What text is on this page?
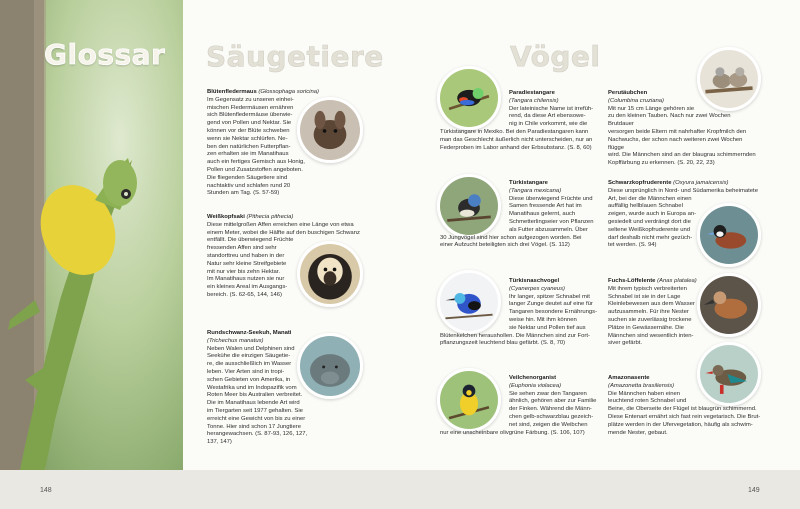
Glossar Säugetiere	Vögel

Blütenfledermaus (Glossophaga soricina)

Im Gegensatz zu unseren einhei-

mischen Fledermäusen ernähren

sich Blütenfledermäuse überwie-

gend von Pollen und Nektar. Sie

können vor der Blüte schweben

wenn sie Nektar schlürfen. Ne-

ben den natürlichen Futterpflan-

zen erhalten sie im Manatihaus

auch ein fertiges Gemisch aus Honig,

Pollen und Zusatzstoffen angeboten.

Die fliegenden Säugetiere sind

nachtaktiv und schlafen rund 20

Stunden am Tag. (S. 57-59)

Weißkopfsaki (Pithecia pithecia)

Diese mittelgroßen Affen erreichen eine Länge von etwa

einem Meter, wobei die Hälfte auf den buschigen Schwanz

entfällt. Die überwiegend Früchte

fressenden Affen sind sehr

standorttreu und haben in der

Natur sehr kleine Streifgebiete

mit nur vier bis zehn Hektar.

Im Manatihaus nutzen sie nur

ein kleines Areal im Ausgangs-

bereich. (S. 62-65, 144, 146)

Rundschwanz-Seekuh, Manati

(Trichechus manatus)

Neben Walen und Delphinen sind

Seekühe die einzigen Säugetie-

re, die ausschließlich im Wasser

leben. Vier Arten sind in tropi-

schen Gebieten von Amerika, in

Westafrika und im Indopazifik vom

Roten Meer bis Australien verbreitet.

Die im Manatihaus lebende Art wird

im Tiergarten seit 1977 gehalten. Sie

erreicht eine Gewicht von bis zu einer

Tonne. Hier sind schon 17 Jungtiere

herangewachsen. (S. 87-93, 126, 127,

137, 147)

Paradiestangare

(Tangara chilensis)

Der lateinische Name ist irrefüh-

rend, da diese Art ebensowe-

nig in Chile vorkommt, wie die

Türkistangare in Mexiko. Bei den Paradiestangaren kann

man das Geschlecht äußerlich nicht unterscheiden, nur an

Federproben im Labor anhand der Erbsubstanz. (S. 8, 60)

Türkistangare

(Tangara mexicana)

Diese überwiegend Früchte und

Samen fressende Art hat im

Manatihaus gelernt, auch

Schmetterlingseier von Pflanzen

als Futter abzusammeln. Über

30 Jungvögel sind hier schon aufgezogen worden. Bei

einer Aufzucht beteiligten sich drei Vögel. (S. 112)

Türkisnaschvogel

(Cyanerpes cyaneus)

Ihr langer, spitzer Schnabel mit

langer Zunge deutet auf eine für

Tangaren besondere Ernährungs-

weise hin. Mit ihm können

sie Nektar und Pollen tief aus

Blütenkelchen heraushollen. Die Männchen sind zur Fort-

pflanzungszeit leuchtend blau gefärbt. (S. 8, 70)

Veilchenorganist

(Euphonia violacea)

Sie sehen zwar den Tangaren

ähnlich, gehören aber zur Familie

der Finken. Während die Männ-

chen gelb-schwarzblau gezeich-

net sind, zeigen die Weibchen

nur eine unscheinbare olivgrüne Färbung. (S. 106, 107)

Perutäubchen

(Columbina cruziana)

Mit nur 15 cm Länge gehören sie

zu den kleinen Tauben. Nach nur zwei Wochen Brutdauer

versorgen beide Eltern mit nahrhafter Kropfmilch den

Nachwuchs, der schon nach weiteren zwei Wochen flügge

wird. Die Männchen sind an der blaugrau schimmernden

Kopffärbung zu erkennen. (S. 20, 22, 23)

Schwarzkopfruderente (Oxyura jamaicensis)

Diese ursprünglich in Nord- und Südamerika beheimatete

Art, bei der die Männchen einen

auffällig hellblauen Schnabel

zeigen, wurde auch in Europa an-

gesiedelt und verdrängt dort die

seltene Weißkopfruderente und

darf deshalb nicht mehr gezüch-

tet werden. (S. 94)

Fuchs-Löffelente (Anas platalea)

Mit ihrem typisch verbreiterten

Schnabel ist sie in der Lage

Kleinlebewesen aus dem Wasser

aufzusammeln. Für ihre Nester

suchen sie zuverlässig trockene

Plätze in Gewässernähe. Die

Männchen sind wesentlich inten-

siver gefärbt.

Amazonasente

(Amazonetta brasiliensis)

Die Männchen haben einen

leuchtend roten Schnabel und

Beine, die Oberseite der Flügel ist blaugrün schimmernd.

Diese Entenart ernährt sich fast rein vegetarisch. Die Brut-

plätze werden in der Ufervegetation, häufig als schwim-

mende Nester, gebaut.

148	149
